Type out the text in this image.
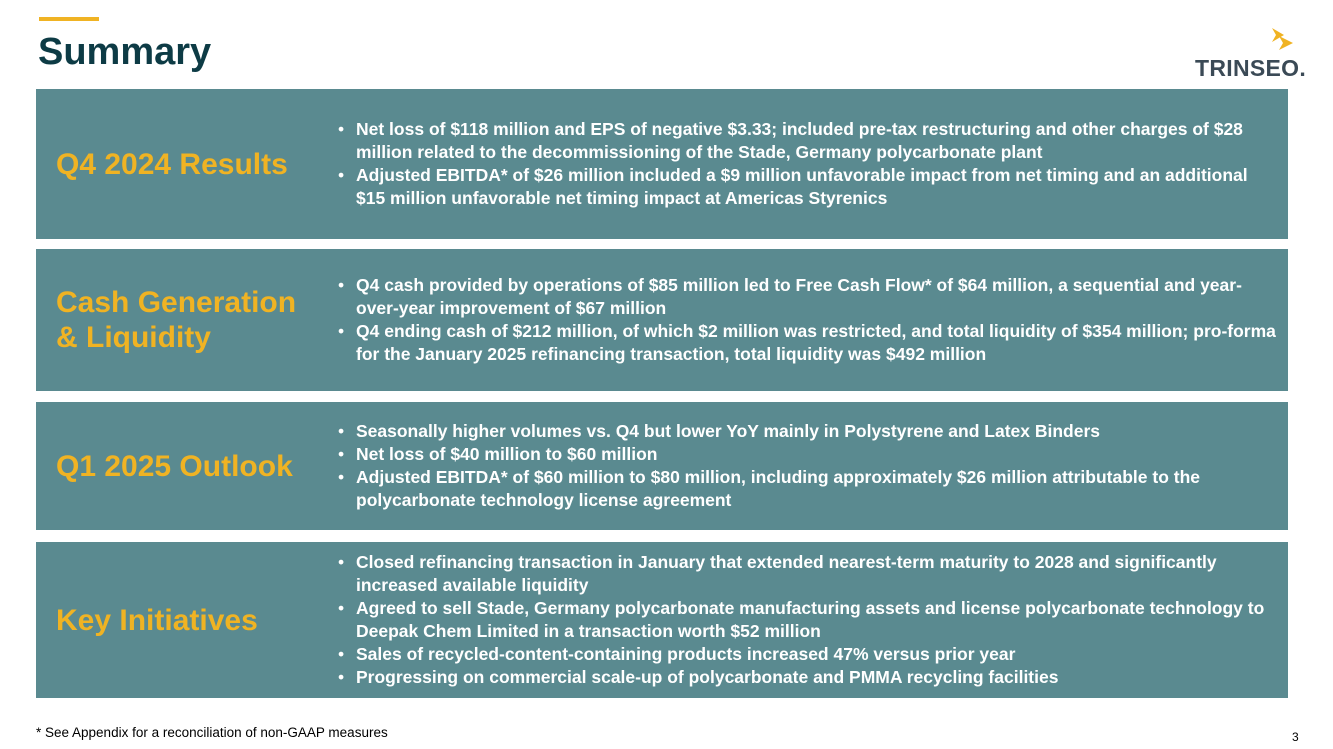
Summary	TRINSEO.
Q4 2024 Results
• Net loss of $118 million and EPS of negative $3.33; included pre-tax restructuring and other charges of $28 million related to the decommissioning of the Stade, Germany polycarbonate plant
• Adjusted EBITDA* of $26 million included a $9 million unfavorable impact from net timing and an additional $15 million unfavorable net timing impact at Americas Styrenics
Cash Generation
& Liquidity
• Q4 cash provided by operations of $85 million led to Free Cash Flow* of $64 million, a sequential and year-over-year improvement of $67 million
• Q4 ending cash of $212 million, of which $2 million was restricted, and total liquidity of $354 million; pro-forma for the January 2025 refinancing transaction, total liquidity was $492 million
Q1 2025 Outlook
• Seasonally higher volumes vs. Q4 but lower YoY mainly in Polystyrene and Latex Binders
• Net loss of $40 million to $60 million
• Adjusted EBITDA* of $60 million to $80 million, including approximately $26 million attributable to the polycarbonate technology license agreement
Key Initiatives
• Closed refinancing transaction in January that extended nearest-term maturity to 2028 and significantly increased available liquidity
• Agreed to sell Stade, Germany polycarbonate manufacturing assets and license polycarbonate technology to Deepak Chem Limited in a transaction worth $52 million
• Sales of recycled-content-containing products increased 47% versus prior year
• Progressing on commercial scale-up of polycarbonate and PMMA recycling facilities
* See Appendix for a reconciliation of non-GAAP measures	3
